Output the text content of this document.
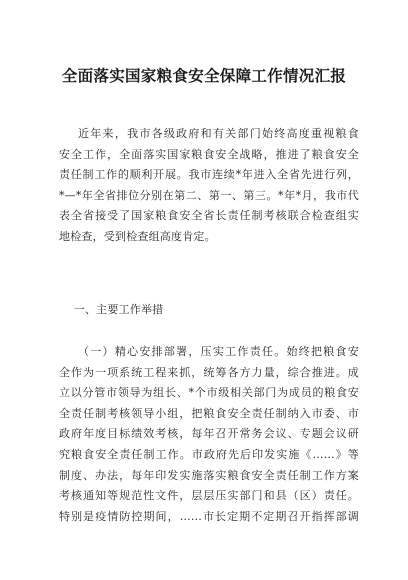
全面落实国家粮食安全保障工作情况汇报
近年来，我市各级政府和有关部门始终高度重视粮食
安全工作，全面落实国家粮食安全战略，推进了粮食安全
责任制工作的顺利开展。我市连续*年进入全省先进行列，
*—*年全省排位分别在第二、第一、第三。*年*月，我市代
表全省接受了国家粮食安全省长责任制考核联合检查组实
地检查，受到检查组高度肯定。
一、主要工作举措
（一）精心安排部署，压实工作责任。始终把粮食安
全作为一项系统工程来抓，统筹各方力量，综合推进。成
立以分管市领导为组长、*个市级相关部门为成员的粮食安
全责任制考核领导小组，把粮食安全责任制纳入市委、市
政府年度目标绩效考核，每年召开常务会议、专题会议研
究粮食安全责任制工作。市政府先后印发实施《……》等
制度、办法，每年印发实施落实粮食安全责任制工作方案
考核通知等规范性文件，层层压实部门和县（区）责任。
特别是疫情防控期间，……市长定期不定期召开指挥部调
